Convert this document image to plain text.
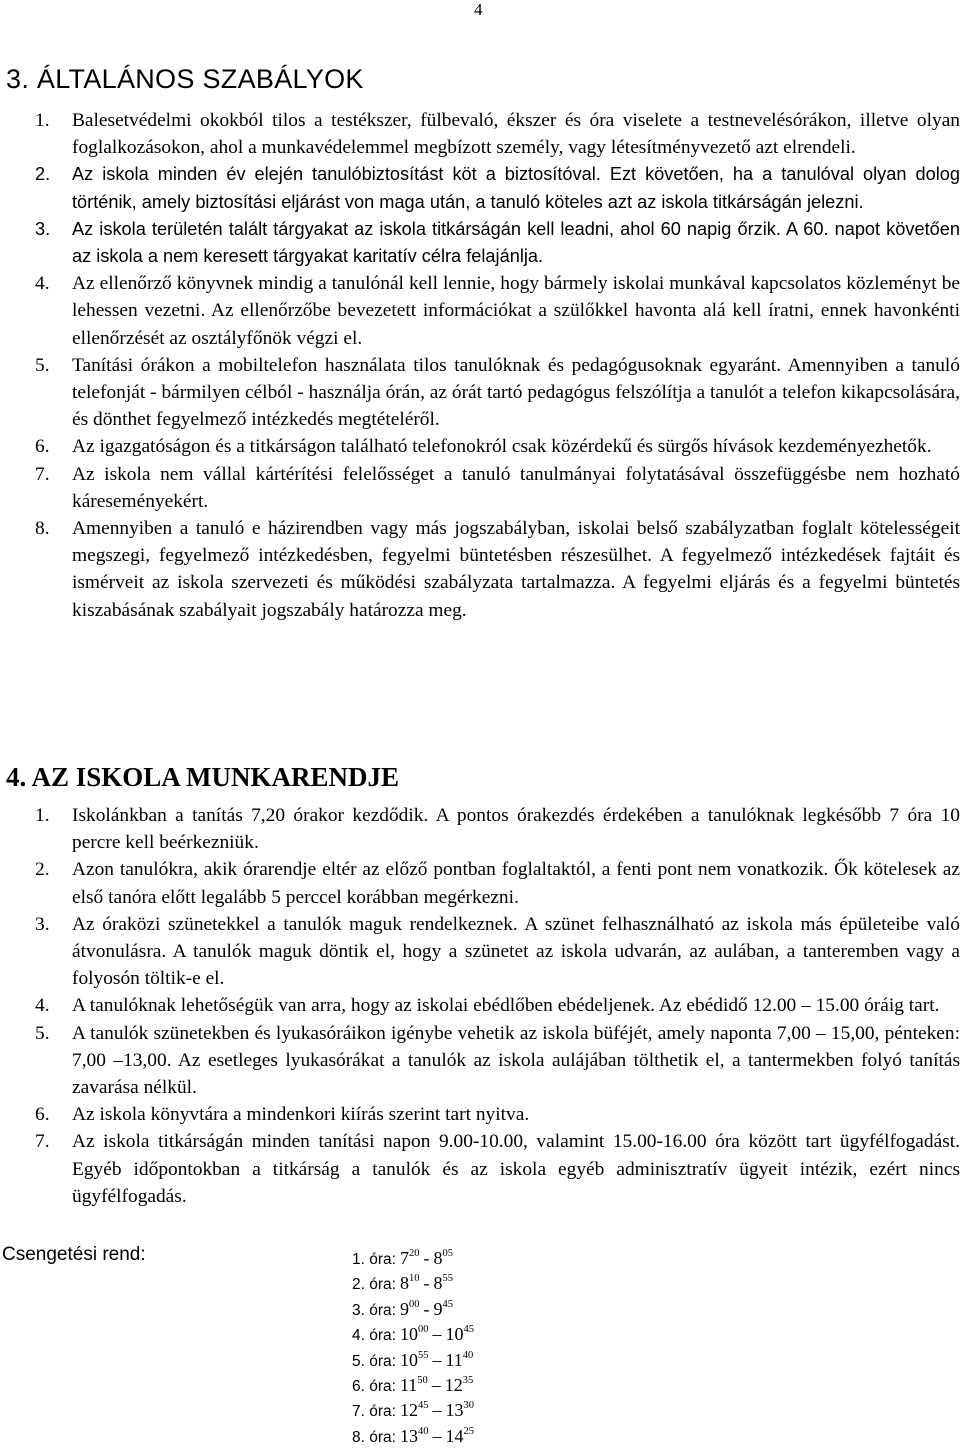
4
3. ÁLTALÁNOS SZABÁLYOK
1. Balesetvédelmi okokból tilos a testékszer, fülbevaló, ékszer és óra viselete a testnevelésórákon, illetve olyan foglalkozásokon, ahol a munkavédelemmel megbízott személy, vagy létesítményvezető azt elrendeli.
2. Az iskola minden év elején tanulóbiztosítást köt a biztosítóval. Ezt követően, ha a tanulóval olyan dolog történik, amely biztosítási eljárást von maga után, a tanuló köteles azt az iskola titkárságán jelezni.
3. Az iskola területén talált tárgyakat az iskola titkárságán kell leadni, ahol 60 napig őrzik. A 60. napot követően az iskola a nem keresett tárgyakat karitatív célra felajánlja.
4. Az ellenőrző könyvnek mindig a tanulónál kell lennie, hogy bármely iskolai munkával kapcsolatos közleményt be lehessen vezetni. Az ellenőrzőbe bevezetett információkat a szülőkkel havonta alá kell íratni, ennek havonkénti ellenőrzését az osztályfőnök végzi el.
5. Tanítási órákon a mobiltelefon használata tilos tanulóknak és pedagógusoknak egyaránt. Amennyiben a tanuló telefonját - bármilyen célból - használja órán, az órát tartó pedagógus felszólítja a tanulót a telefon kikapcsolására, és dönthet fegyelmező intézkedés megtételéről.
6. Az igazgatóságon és a titkárságon található telefonokról csak közérdekű és sürgős hívások kezdeményezhetők.
7. Az iskola nem vállal kártérítési felelősséget a tanuló tanulmányai folytatásával összefüggésbe nem hozható káreseményekért.
8. Amennyiben a tanuló e házirendben vagy más jogszabályban, iskolai belső szabályzatban foglalt kötelességeit megszegi, fegyelmező intézkedésben, fegyelmi büntetésben részesülhet. A fegyelmező intézkedések fajtáit és ismérveit az iskola szervezeti és működési szabályzata tartalmazza. A fegyelmi eljárás és a fegyelmi büntetés kiszabásának szabályait jogszabály határozza meg.
4. AZ ISKOLA MUNKARENDJE
1. Iskolánkban a tanítás 7,20 órakor kezdődik. A pontos órakezdés érdekében a tanulóknak legkésőbb 7 óra 10 percre kell beérkezniük.
2. Azon tanulókra, akik órarendje eltér az előző pontban foglaltaktól, a fenti pont nem vonatkozik. Ők kötelesek az első tanóra előtt legalább 5 perccel korábban megérkezni.
3. Az óraközi szünetekkel a tanulók maguk rendelkeznek. A szünet felhasználható az iskola más épületeibe való átvonulásra. A tanulók maguk döntik el, hogy a szünetet az iskola udvarán, az aulában, a tanteremben vagy a folyosón töltik-e el.
4. A tanulóknak lehetőségük van arra, hogy az iskolai ebédlőben ebédeljenek. Az ebédidő 12.00 – 15.00 óráig tart.
5. A tanulók szünetekben és lyukasóráikon igénybe vehetik az iskola büféjét, amely naponta 7,00 – 15,00, pénteken: 7,00 –13,00. Az esetleges lyukasórákat a tanulók az iskola aulájában tölthetik el, a tantermekben folyó tanítás zavarása nélkül.
6. Az iskola könyvtára a mindenkori kiírás szerint tart nyitva.
7. Az iskola titkárságán minden tanítási napon 9.00-10.00, valamint 15.00-16.00 óra között tart ügyfélfogadást. Egyéb időpontokban a titkárság a tanulók és az iskola egyéb adminisztratív ügyeit intézik, ezért nincs ügyfélfogadás.
Csengetési rend:	1. óra: $7^{20} - 8^{05}$
2. óra: $8^{10} - 8^{55}$
3. óra: $9^{00} - 9^{45}$
4. óra: $10^{00} - 10^{45}$
5. óra: $10^{55} - 11^{40}$
6. óra: $11^{50} - 12^{35}$
7. óra: $12^{45} - 13^{30}$
8. óra: $13^{40} - 14^{25}$
